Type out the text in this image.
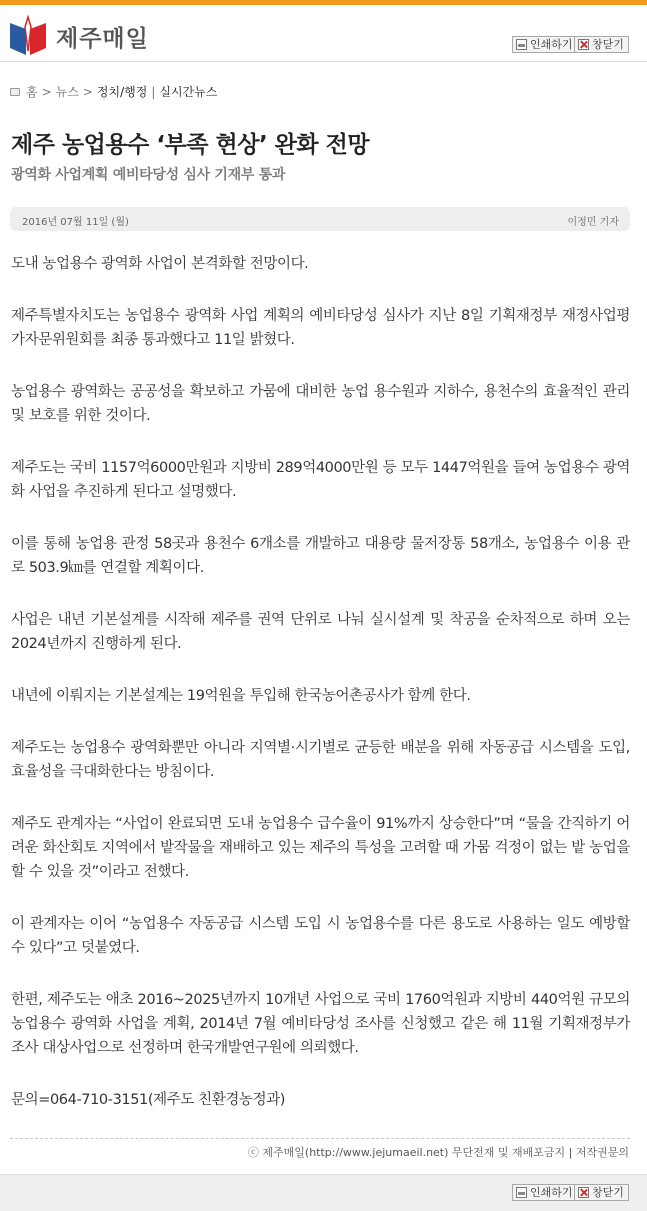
제주매일	인쇄하기 창닫기
홈 > 뉴스 > 정치/행정 | 실시간뉴스
제주 농업용수 ‘부족 현상’ 완화 전망
광역화 사업계획 예비타당성 심사 기재부 통과
2016년 07월 11일 (월)	이정민 기자

도내 농업용수 광역화 사업이 본격화할 전망이다.

제주특별자치도는 농업용수 광역화 사업 계획의 예비타당성 심사가 지난 8일 기획재정부 재정사업평가자문위원회를 최종 통과했다고 11일 밝혔다.

농업용수 광역화는 공공성을 확보하고 가뭄에 대비한 농업 용수원과 지하수, 용천수의 효율적인 관리 및 보호를 위한 것이다.

제주도는 국비 1157억6000만원과 지방비 289억4000만원 등 모두 1447억원을 들여 농업용수 광역화 사업을 추진하게 된다고 설명했다.

이를 통해 농업용 관정 58곳과 용천수 6개소를 개발하고 대용량 물저장통 58개소, 농업용수 이용 관로 503.9㎞를 연결할 계획이다.

사업은 내년 기본설계를 시작해 제주를 권역 단위로 나눠 실시설계 및 착공을 순차적으로 하며 오는 2024년까지 진행하게 된다.

내년에 이뤄지는 기본설계는 19억원을 투입해 한국농어촌공사가 함께 한다.

제주도는 농업용수 광역화뿐만 아니라 지역별·시기별로 균등한 배분을 위해 자동공급 시스템을 도입, 효율성을 극대화한다는 방침이다.

제주도 관계자는 “사업이 완료되면 도내 농업용수 급수율이 91%까지 상승한다”며 “물을 간직하기 어려운 화산회토 지역에서 밭작물을 재배하고 있는 제주의 특성을 고려할 때 가뭄 걱정이 없는 밭 농업을 할 수 있을 것”이라고 전했다.

이 관계자는 이어 “농업용수 자동공급 시스템 도입 시 농업용수를 다른 용도로 사용하는 일도 예방할 수 있다”고 덧붙였다.

한편, 제주도는 애초 2016~2025년까지 10개년 사업으로 국비 1760억원과 지방비 440억원 규모의 농업용수 광역화 사업을 계획, 2014년 7월 예비타당성 조사를 신청했고 같은 해 11월 기획재정부가 조사 대상사업으로 선정하며 한국개발연구원에 의뢰했다.

문의=064-710-3151(제주도 친환경농정과)

ⓒ 제주매일(http://www.jejumaeil.net) 무단전재 및 재배포금지 | 저작권문의
인쇄하기 창닫기
